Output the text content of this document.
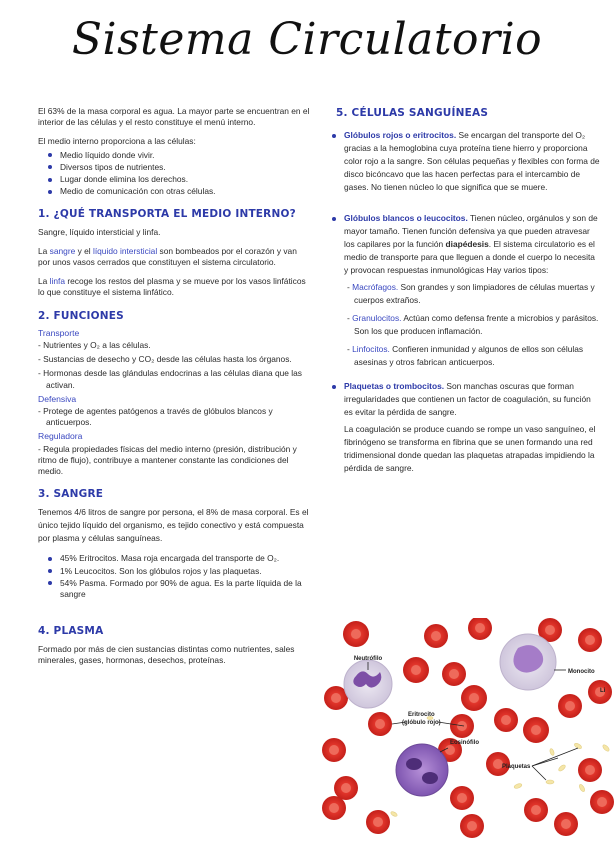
Sistema Circulatorio

El 63% de la masa corporal es agua. La mayor parte se encuentran en el interior de las células y el resto constituye el menú interno.

El medio interno proporciona a las células:

Medio líquido donde vivir.
Diversos tipos de nutrientes.
Lugar donde elimina los derechos.
Medio de comunicación con otras células.
1. ¿QUÉ TRANSPORTA EL MEDIO INTERNO?

Sangre, líquido intersticial y linfa.

La sangre y el líquido intersticial son bombeados por el corazón y van por unos vasos cerrados que constituyen el sistema circulatorio.

La linfa recoge los restos del plasma y se mueve por los vasos linfáticos lo que constituye el sistema linfático.

2. FUNCIONES
Transporte
- Nutrientes y O₂ a las células.
- Sustancias de desecho y CO₂ desde las células hasta los órganos.
- Hormonas desde las glándulas endocrinas a las células diana que las activan.
Defensiva
- Protege de agentes patógenos a través de glóbulos blancos y anticuerpos.
Reguladora
- Regula propiedades físicas del medio interno (presión, distribución y ritmo de flujo), contribuye a mantener constante las condiciones del medio.
3. SANGRE

Tenemos 4/6 litros de sangre por persona, el 8% de masa corporal. Es el único tejido líquido del organismo, es tejido conectivo y está compuesta por plasma y células sanguíneas.

45% Eritrocitos. Masa roja encargada del transporte de O₂.
1% Leucocitos. Son los glóbulos rojos y las plaquetas.
54% Pasma. Formado por 90% de agua. Es la parte líquida de la sangre
4. PLASMA

Formado por más de cien sustancias distintas como nutrientes, sales minerales, gases, hormonas, desechos, proteínas.

5. CÉLULAS SANGUÍNEAS
Glóbulos rojos o eritrocitos. Se encargan del transporte del O₂ gracias a la hemoglobina cuya proteína tiene hierro y proporciona color rojo a la sangre. Son células pequeñas y flexibles con forma de disco bicóncavo que las hacen perfectas para el intercambio de gases. No tienen núcleo lo que significa que se muere.
Glóbulos blancos o leucocitos. Tienen núcleo, orgánulos y son de mayor tamaño. Tienen función defensiva ya que pueden atravesar los capilares por la función diapédesis. El sistema circulatorio es el medio de transporte para que lleguen a donde el cuerpo lo necesita y provocan respuestas inmunológicas Hay varios tipos:
- Macrófagos. Son grandes y son limpiadores de células muertas y cuerpos extraños.
- Granulocitos. Actúan como defensa frente a microbios y parásitos. Son los que producen inflamación.
- Linfocitos. Confieren inmunidad y algunos de ellos son células asesinas y otros fabrican anticuerpos.
Plaquetas o trombocitos. Son manchas oscuras que forman irregularidades que contienen un factor de coagulación, su función es evitar la pérdida de sangre.
La coagulación se produce cuando se rompe un vaso sanguíneo, el fibrinógeno se transforma en fibrina que se unen formando una red tridimensional donde quedan las plaquetas atrapadas impidiendo la pérdida de sangre.
Neutrófilo
Monocito
Li
Eritrocito
(glóbulo rojo)
Eosinófilo
Plaquetas
